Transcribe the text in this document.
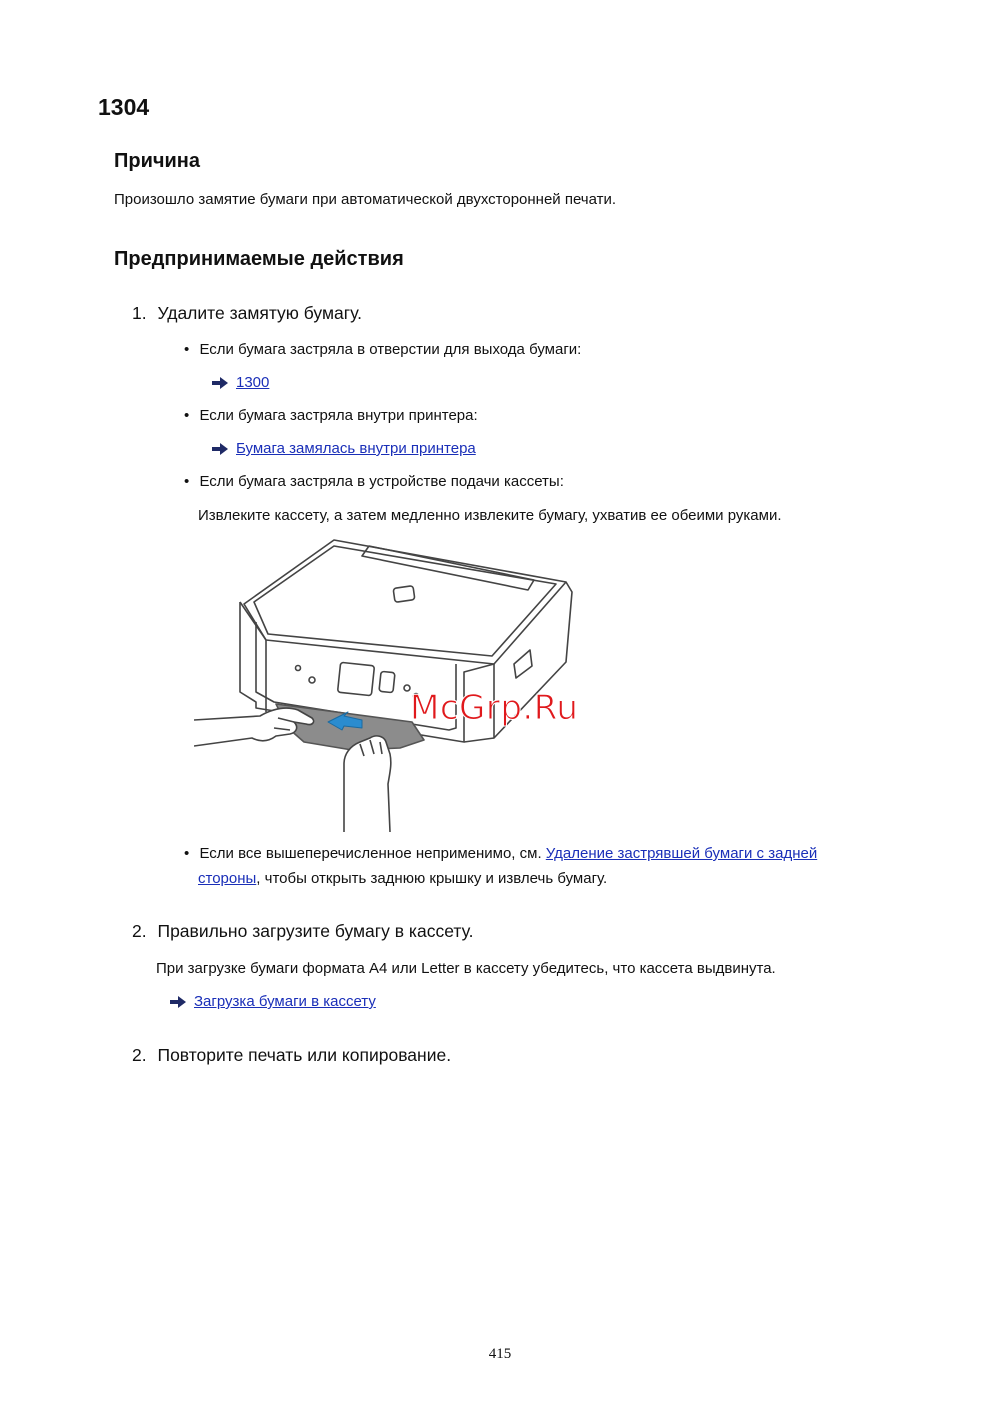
1304
Причина
Произошло замятие бумаги при автоматической двухсторонней печати.
Предпринимаемые действия
1. Удалите замятую бумагу.
• Если бумага застряла в отверстии для выхода бумаги:
1300
• Если бумага застряла внутри принтера:
Бумага замялась внутри принтера
• Если бумага застряла в устройстве подачи кассеты:
Извлеките кассету, а затем медленно извлеките бумагу, ухватив ее обеими руками.
McGrp.Ru
• Если все вышеперечисленное неприменимо, см. Удаление застрявшей бумаги с задней
стороны, чтобы открыть заднюю крышку и извлечь бумагу.
2. Правильно загрузите бумагу в кассету.
При загрузке бумаги формата A4 или Letter в кассету убедитесь, что кассета выдвинута.
Загрузка бумаги в кассету
2. Повторите печать или копирование.
415
